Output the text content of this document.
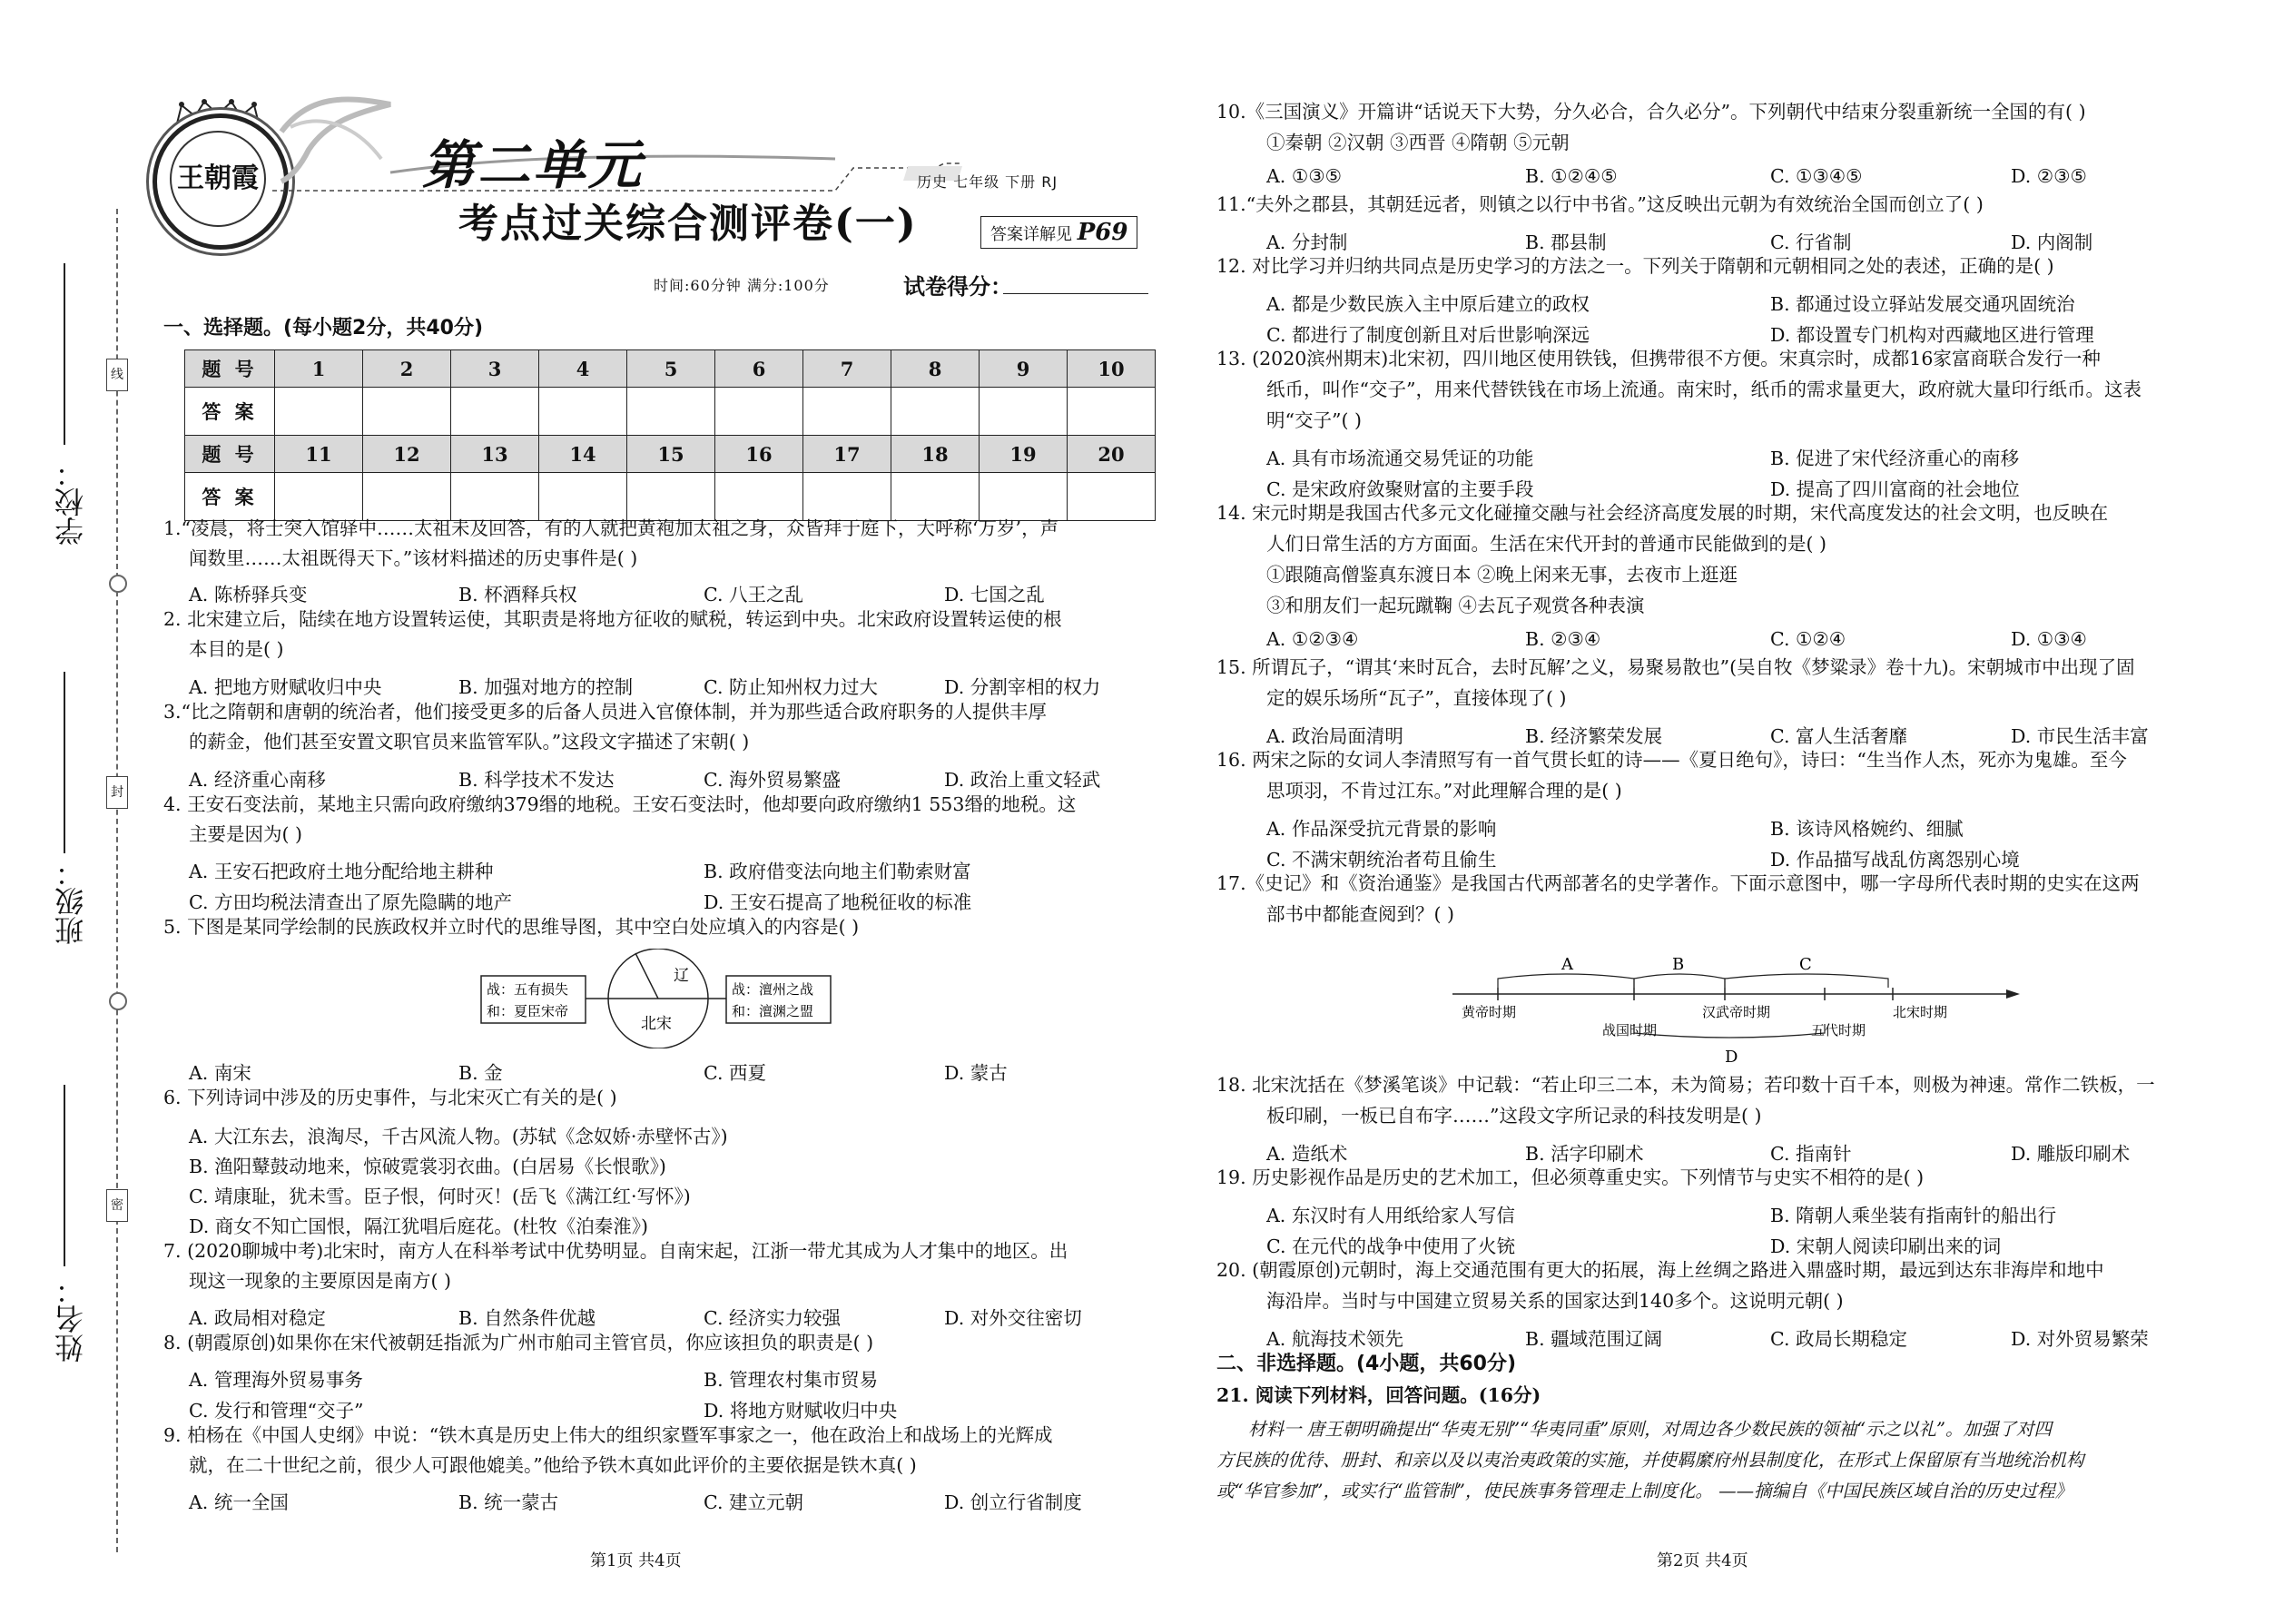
线
封
密
学校：
班级：
姓名：
王朝霞	第二单元	历史 七年级 下册 RJ
考点过关综合测评卷(一)	答案详解见 P69
时间:60分钟 满分:100分	试卷得分：
一、选择题。(每小题2分，共40分)
题 号	1	2	3	4	5	6	7	8	9	10
答 案										
题 号	11	12	13	14	15	16	17	18	19	20
答 案										
1.“凌晨，将士突入馆驿中……太祖未及回答，有的人就把黄袍加太祖之身，众皆拜于庭下，大呼称‘万岁’，声
闻数里……太祖既得天下。”该材料描述的历史事件是( )
A. 陈桥驿兵变	B. 杯酒释兵权	C. 八王之乱	D. 七国之乱
2. 北宋建立后，陆续在地方设置转运使，其职责是将地方征收的赋税，转运到中央。北宋政府设置转运使的根
本目的是( )
A. 把地方财赋收归中央	B. 加强对地方的控制	C. 防止知州权力过大	D. 分割宰相的权力
3.“比之隋朝和唐朝的统治者，他们接受更多的后备人员进入官僚体制，并为那些适合政府职务的人提供丰厚
的薪金，他们甚至安置文职官员来监管军队。”这段文字描述了宋朝( )
A. 经济重心南移	B. 科学技术不发达	C. 海外贸易繁盛	D. 政治上重文轻武
4. 王安石变法前，某地主只需向政府缴纳379缗的地税。王安石变法时，他却要向政府缴纳1 553缗的地税。这
主要是因为( )
A. 王安石把政府土地分配给地主耕种	B. 政府借变法向地主们勒索财富
C. 方田均税法清查出了原先隐瞒的地产	D. 王安石提高了地税征收的标准
5. 下图是某同学绘制的民族政权并立时代的思维导图，其中空白处应填入的内容是( )
战：五有损失
和：夏臣宋帝
战：澶州之战
和：澶渊之盟
辽
北宋
A. 南宋	B. 金	C. 西夏	D. 蒙古
6. 下列诗词中涉及的历史事件，与北宋灭亡有关的是( )
A. 大江东去，浪淘尽，千古风流人物。(苏轼《念奴娇·赤壁怀古》)
B. 渔阳鼙鼓动地来，惊破霓裳羽衣曲。(白居易《长恨歌》)
C. 靖康耻，犹未雪。臣子恨，何时灭！(岳飞《满江红·写怀》)
D. 商女不知亡国恨，隔江犹唱后庭花。(杜牧《泊秦淮》)
7. (2020聊城中考)北宋时，南方人在科举考试中优势明显。自南宋起，江浙一带尤其成为人才集中的地区。出
现这一现象的主要原因是南方( )
A. 政局相对稳定	B. 自然条件优越	C. 经济实力较强	D. 对外交往密切
8. (朝霞原创)如果你在宋代被朝廷指派为广州市舶司主管官员，你应该担负的职责是( )
A. 管理海外贸易事务	B. 管理农村集市贸易
C. 发行和管理“交子”	D. 将地方财赋收归中央
9. 柏杨在《中国人史纲》中说：“铁木真是历史上伟大的组织家暨军事家之一，他在政治上和战场上的光辉成
就，在二十世纪之前，很少人可跟他媲美。”他给予铁木真如此评价的主要依据是铁木真( )
A. 统一全国	B. 统一蒙古	C. 建立元朝	D. 创立行省制度
10.《三国演义》开篇讲“话说天下大势，分久必合，合久必分”。下列朝代中结束分裂重新统一全国的有( )
①秦朝 ②汉朝 ③西晋 ④隋朝 ⑤元朝
A. ①③⑤	B. ①②④⑤	C. ①③④⑤	D. ②③⑤
11.“夫外之郡县，其朝廷远者，则镇之以行中书省。”这反映出元朝为有效统治全国而创立了( )
A. 分封制	B. 郡县制	C. 行省制	D. 内阁制
12. 对比学习并归纳共同点是历史学习的方法之一。下列关于隋朝和元朝相同之处的表述，正确的是( )
A. 都是少数民族入主中原后建立的政权	B. 都通过设立驿站发展交通巩固统治
C. 都进行了制度创新且对后世影响深远	D. 都设置专门机构对西藏地区进行管理
13. (2020滨州期末)北宋初，四川地区使用铁钱，但携带很不方便。宋真宗时，成都16家富商联合发行一种
纸币，叫作“交子”，用来代替铁钱在市场上流通。南宋时，纸币的需求量更大，政府就大量印行纸币。这表
明“交子”( )
A. 具有市场流通交易凭证的功能	B. 促进了宋代经济重心的南移
C. 是宋政府敛聚财富的主要手段	D. 提高了四川富商的社会地位
14. 宋元时期是我国古代多元文化碰撞交融与社会经济高度发展的时期，宋代高度发达的社会文明，也反映在
人们日常生活的方方面面。生活在宋代开封的普通市民能做到的是( )
①跟随高僧鉴真东渡日本 ②晚上闲来无事，去夜市上逛逛
③和朋友们一起玩蹴鞠 ④去瓦子观赏各种表演
A. ①②③④	B. ②③④	C. ①②④	D. ①③④
15. 所谓瓦子，“谓其‘来时瓦合，去时瓦解’之义，易聚易散也”(吴自牧《梦粱录》卷十九)。宋朝城市中出现了固
定的娱乐场所“瓦子”，直接体现了( )
A. 政治局面清明	B. 经济繁荣发展	C. 富人生活奢靡	D. 市民生活丰富
16. 两宋之际的女词人李清照写有一首气贯长虹的诗——《夏日绝句》，诗曰：“生当作人杰，死亦为鬼雄。至今
思项羽，不肯过江东。”对此理解合理的是( )
A. 作品深受抗元背景的影响	B. 该诗风格婉约、细腻
C. 不满宋朝统治者苟且偷生	D. 作品描写战乱仿离怨别心境
17.《史记》和《资治通鉴》是我国古代两部著名的史学著作。下面示意图中，哪一字母所代表时期的史实在这两
部书中都能查阅到？( )
A	B	C
黄帝时期	汉武帝时期	北宋时期
战国时期	五代时期
D
18. 北宋沈括在《梦溪笔谈》中记载：“若止印三二本，未为简易；若印数十百千本，则极为神速。常作二铁板，一
板印刷，一板已自布字……”这段文字所记录的科技发明是( )
A. 造纸术	B. 活字印刷术	C. 指南针	D. 雕版印刷术
19. 历史影视作品是历史的艺术加工，但必须尊重史实。下列情节与史实不相符的是( )
A. 东汉时有人用纸给家人写信	B. 隋朝人乘坐装有指南针的船出行
C. 在元代的战争中使用了火铳	D. 宋朝人阅读印刷出来的词
20. (朝霞原创)元朝时，海上交通范围有更大的拓展，海上丝绸之路进入鼎盛时期，最远到达东非海岸和地中
海沿岸。当时与中国建立贸易关系的国家达到140多个。这说明元朝( )
A. 航海技术领先	B. 疆域范围辽阔	C. 政局长期稳定	D. 对外贸易繁荣
二、非选择题。(4小题，共60分)
21. 阅读下列材料，回答问题。(16分)
材料一 唐王朝明确提出“华夷无别”“华夷同重”原则，对周边各少数民族的领袖“示之以礼”。加强了对四
方民族的优待、册封、和亲以及以夷治夷政策的实施，并使羁縻府州县制度化，在形式上保留原有当地统治机构
或“华官参加”，或实行“监管制”，使民族事务管理走上制度化。 ——摘编自《中国民族区域自治的历史过程》
第1页 共4页	第2页 共4页
